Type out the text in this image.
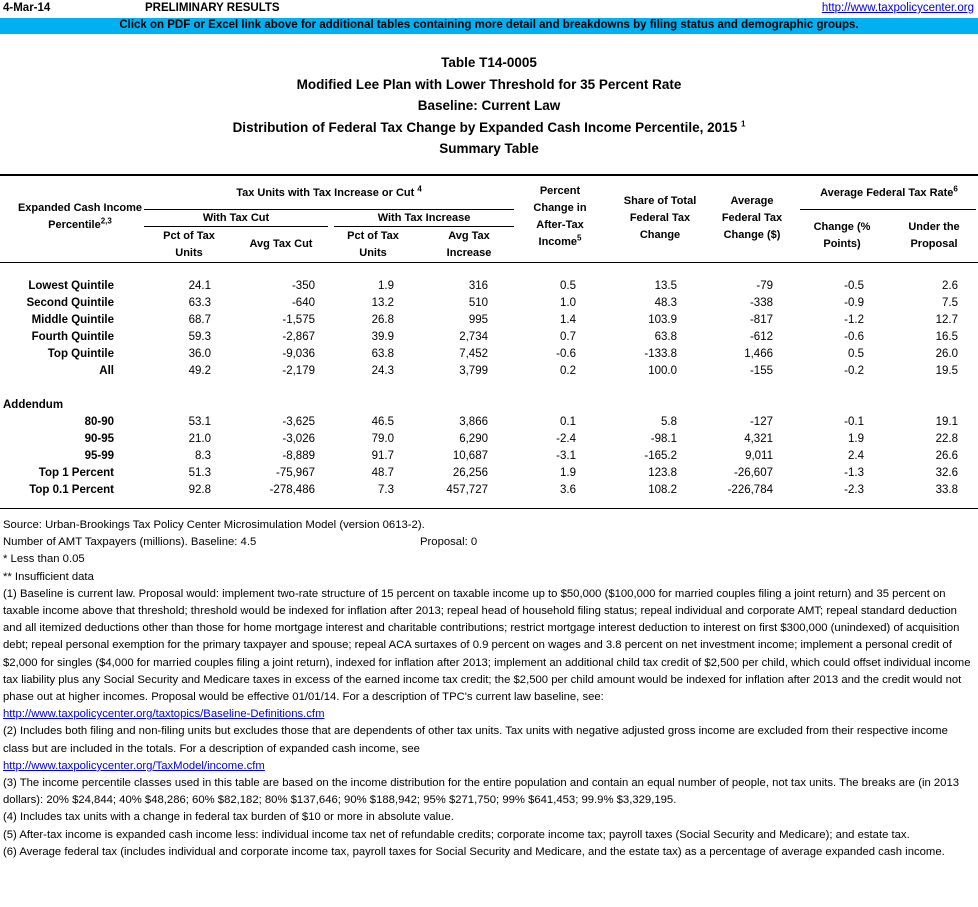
4-Mar-14	PRELIMINARY RESULTS	http://www.taxpolicycenter.org
Click on PDF or Excel link above for additional tables containing more detail and breakdowns by filing status and demographic groups.
Table T14-0005
Modified Lee Plan with Lower Threshold for 35 Percent Rate
Baseline: Current Law
Distribution of Federal Tax Change by Expanded Cash Income Percentile, 2015 $^1$
Summary Table
Expanded Cash Income
Percentile$^{2,3}$
Tax Units with Tax Increase or Cut $^4$
With Tax Cut	With Tax Increase
Pct of Tax
Units
Avg Tax Cut
Pct of Tax
Units
Avg Tax
Increase
Percent
Change in
After-Tax
Income$^5$
Share of Total
Federal Tax
Change
Average
Federal Tax
Change ($)
Average Federal Tax Rate$^6$
Change (%
Points)
Under the
Proposal
Lowest Quintile	24.1	-350	1.9	316	0.5	13.5	-79	-0.5	2.6
Second Quintile	63.3	-640	13.2	510	1.0	48.3	-338	-0.9	7.5
Middle Quintile	68.7	-1,575	26.8	995	1.4	103.9	-817	-1.2	12.7
Fourth Quintile	59.3	-2,867	39.9	2,734	0.7	63.8	-612	-0.6	16.5
Top Quintile	36.0	-9,036	63.8	7,452	-0.6	-133.8	1,466	0.5	26.0
All	49.2	-2,179	24.3	3,799	0.2	100.0	-155	-0.2	19.5

Addendum									
80-90	53.1	-3,625	46.5	3,866	0.1	5.8	-127	-0.1	19.1
90-95	21.0	-3,026	79.0	6,290	-2.4	-98.1	4,321	1.9	22.8
95-99	8.3	-8,889	91.7	10,687	-3.1	-165.2	9,011	2.4	26.6
Top 1 Percent	51.3	-75,967	48.7	26,256	1.9	123.8	-26,607	-1.3	32.6
Top 0.1 Percent	92.8	-278,486	7.3	457,727	3.6	108.2	-226,784	-2.3	33.8
Source: Urban-Brookings Tax Policy Center Microsimulation Model (version 0613-2).
Number of AMT Taxpayers (millions). Baseline: 4.5	Proposal: 0
* Less than 0.05
** Insufficient data
(1) Baseline is current law. Proposal would: implement two-rate structure of 15 percent on taxable income up to $50,000 ($100,000 for married couples filing a joint return) and 35 percent on taxable income above that threshold; threshold would be indexed for inflation after 2013; repeal head of household filing status; repeal individual and corporate AMT; repeal standard deduction and all itemized deductions other than those for home mortgage interest and charitable contributions; restrict mortgage interest deduction to interest on first $300,000 (unindexed) of acquisition debt; repeal personal exemption for the primary taxpayer and spouse; repeal ACA surtaxes of 0.9 percent on wages and 3.8 percent on net investment income; implement a personal credit of $2,000 for singles ($4,000 for married couples filing a joint return), indexed for inflation after 2013; implement an additional child tax credit of $2,500 per child, which could offset individual income tax liability plus any Social Security and Medicare taxes in excess of the earned income tax credit; the $2,500 per child amount would be indexed for inflation after 2013 and the credit would not phase out at higher incomes. Proposal would be effective 01/01/14. For a description of TPC's current law baseline, see:
http://www.taxpolicycenter.org/taxtopics/Baseline-Definitions.cfm
(2) Includes both filing and non-filing units but excludes those that are dependents of other tax units. Tax units with negative adjusted gross income are excluded from their respective income class but are included in the totals. For a description of expanded cash income, see
http://www.taxpolicycenter.org/TaxModel/income.cfm
(3) The income percentile classes used in this table are based on the income distribution for the entire population and contain an equal number of people, not tax units. The breaks are (in 2013 dollars): 20% $24,844; 40% $48,286; 60% $82,182; 80% $137,646; 90% $188,942; 95% $271,750; 99% $641,453; 99.9% $3,329,195.
(4) Includes tax units with a change in federal tax burden of $10 or more in absolute value.
(5) After-tax income is expanded cash income less: individual income tax net of refundable credits; corporate income tax; payroll taxes (Social Security and Medicare); and estate tax.
(6) Average federal tax (includes individual and corporate income tax, payroll taxes for Social Security and Medicare, and the estate tax) as a percentage of average expanded cash income.
